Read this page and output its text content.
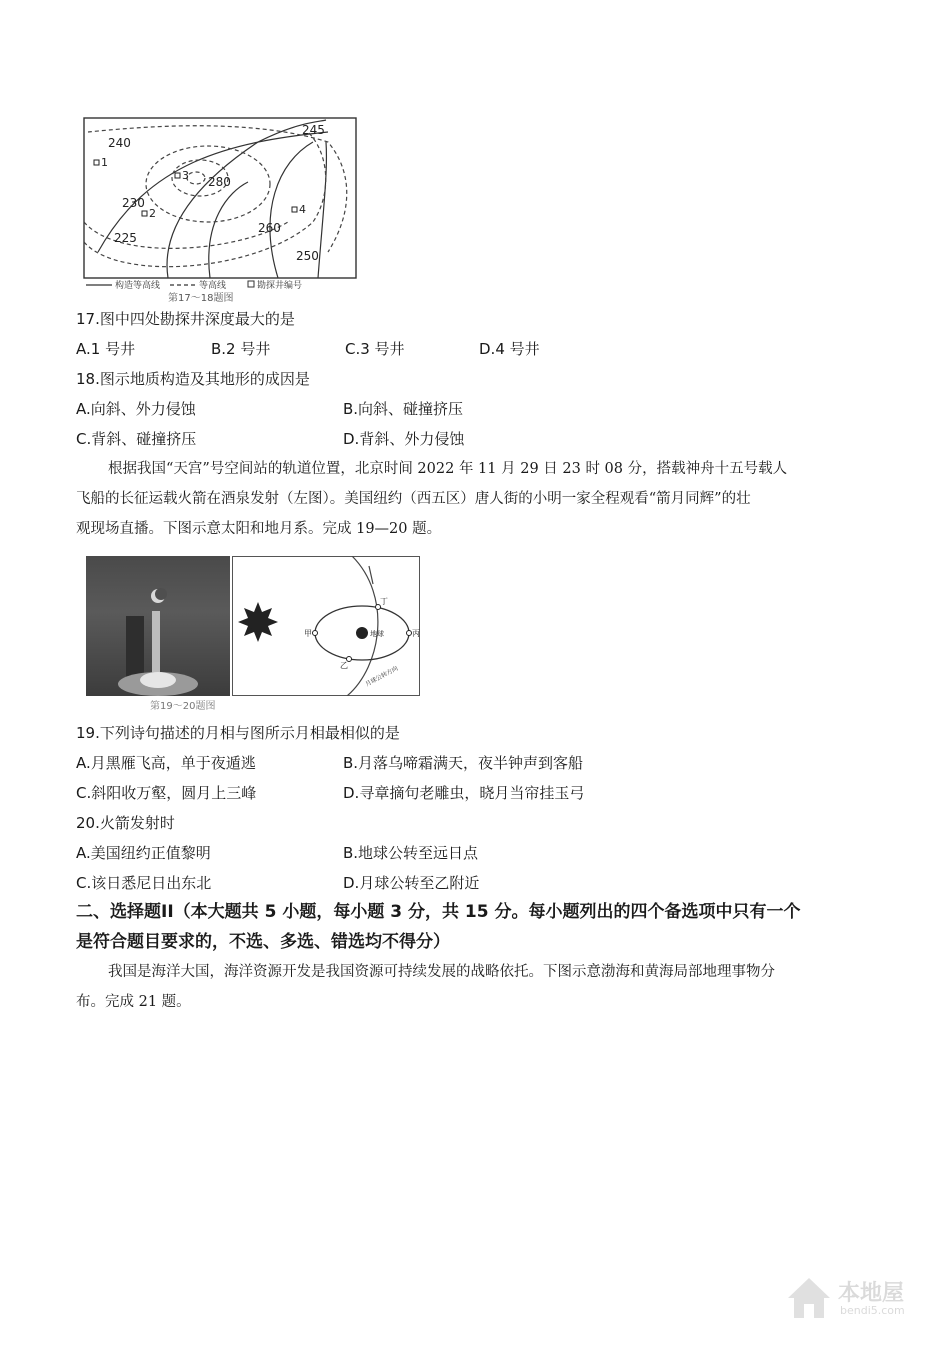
240
245
280
230
260
225
250
1
2
3
4
构造等高线	等高线	勘探井编号
第17～18题图
17.图中四处勘探井深度最大的是
A.1 号井	B.2 号井	C.3 号井	D.4 号井
18.图示地质构造及其地形的成因是
A.向斜、外力侵蚀	B.向斜、碰撞挤压
C.背斜、碰撞挤压	D.背斜、外力侵蚀
根据我国“天宫”号空间站的轨道位置，北京时间 2022 年 11 月 29 日 23 时 08 分，搭载神舟十五号载人
飞船的长征运载火箭在酒泉发射（左图）。美国纽约（西五区）唐人街的小明一家全程观看“箭月同辉”的壮
观现场直播。下图示意太阳和地月系。完成 19—20 题。
地球
甲	丙
丁
乙	月球公转方向
第19～20题图
19.下列诗句描述的月相与图所示月相最相似的是
A.月黑雁飞高，单于夜遁逃	B.月落乌啼霜满天，夜半钟声到客船
C.斜阳收万壑，圆月上三峰	D.寻章摘句老雕虫，晓月当帘挂玉弓
20.火箭发射时
A.美国纽约正值黎明	B.地球公转至远日点
C.该日悉尼日出东北	D.月球公转至乙附近
二、选择题II（本大题共 5 小题，每小题 3 分，共 15 分。每小题列出的四个备选项中只有一个
是符合题目要求的，不选、多选、错选均不得分）
我国是海洋大国，海洋资源开发是我国资源可持续发展的战略依托。下图示意渤海和黄海局部地理事物分
布。完成 21 题。
本地屋
bendi5.com
